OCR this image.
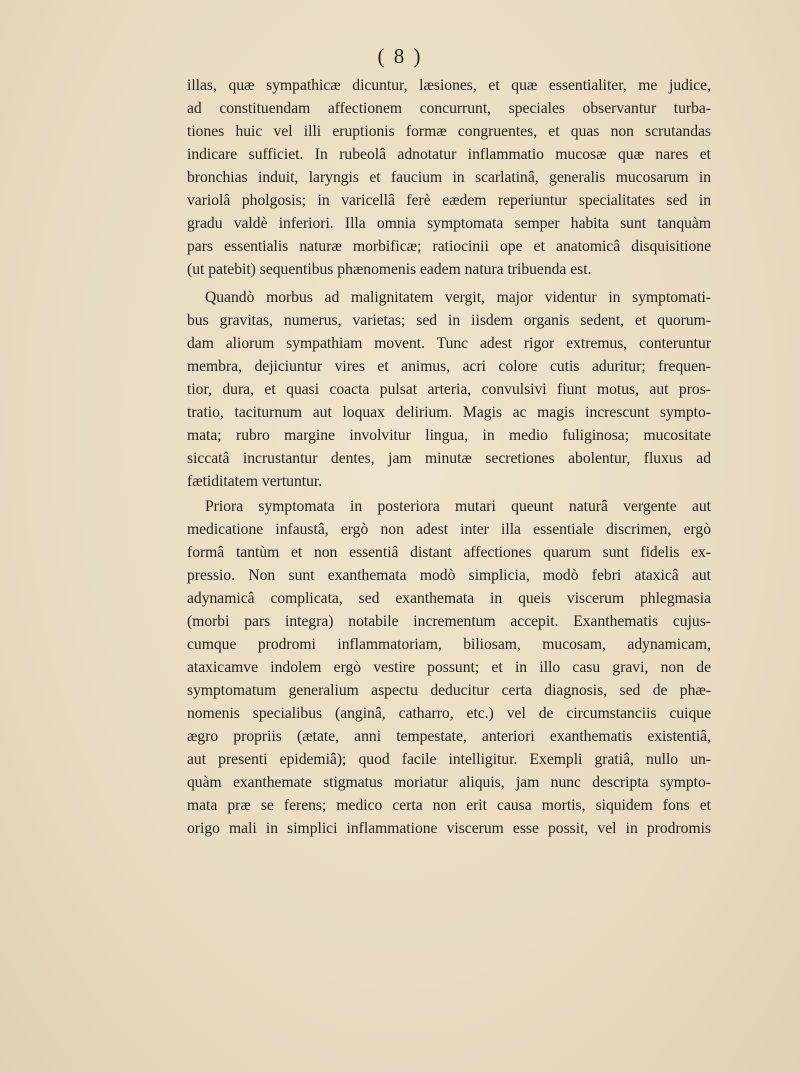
( 8 )
illas, quæ sympathicæ dicuntur, læsiones, et quæ essentialiter, me judice,
ad constituendam affectionem concurrunt, speciales observantur turba-
tiones huic vel illi eruptionis formæ congruentes, et quas non scrutandas
indicare sufficiet. In rubeolâ adnotatur inflammatio mucosæ quæ nares et
bronchias induit, laryngis et faucium in scarlatinâ, generalis mucosarum in
variolâ pholgosis; in varicellâ ferè eædem reperiuntur specialitates sed in
gradu valdè inferiori. Illa omnia symptomata semper habita sunt tanquàm
pars essentialis naturæ morbificæ; ratiocinii ope et anatomicâ disquisitione
(ut patebit) sequentibus phænomenis eadem natura tribuenda est.
Quandò morbus ad malignitatem vergit, major videntur in symptomati-
bus gravitas, numerus, varietas; sed in iisdem organis sedent, et quorum-
dam aliorum sympathiam movent. Tunc adest rigor extremus, conteruntur
membra, dejiciuntur vires et animus, acri colore cutis aduritur; frequen-
tior, dura, et quasi coacta pulsat arteria, convulsivi fiunt motus, aut pros-
tratio, taciturnum aut loquax delirium. Magis ac magis increscunt sympto-
mata; rubro margine involvitur lingua, in medio fuliginosa; mucositate
siccatâ incrustantur dentes, jam minutæ secretiones abolentur, fluxus ad
fætiditatem vertuntur.
Priora symptomata in posteriora mutari queunt naturâ vergente aut
medicatione infaustâ, ergò non adest inter illa essentiale discrimen, ergò
formâ tantùm et non essentiâ distant affectiones quarum sunt fidelis ex-
pressio. Non sunt exanthemata modò simplicia, modò febri ataxicâ aut
adynamicâ complicata, sed exanthemata in queis viscerum phlegmasia
(morbi pars integra) notabile incrementum accepit. Exanthematis cujus-
cumque prodromi inflammatoriam, biliosam, mucosam, adynamicam,
ataxicamve indolem ergò vestire possunt; et in illo casu gravi, non de
symptomatum generalium aspectu deducitur certa diagnosis, sed de phæ-
nomenis specialibus (anginâ, catharro, etc.) vel de circumstanciis cuique
ægro propriis (ætate, anni tempestate, anteriori exanthematis existentiâ,
aut presenti epidemiâ); quod facile intelligitur. Exempli gratiâ, nullo un-
quàm exanthemate stigmatus moriatur aliquis, jam nunc descripta sympto-
mata præ se ferens; medico certa non erit causa mortis, siquidem fons et
origo mali in simplici inflammatione viscerum esse possit, vel in prodromis
